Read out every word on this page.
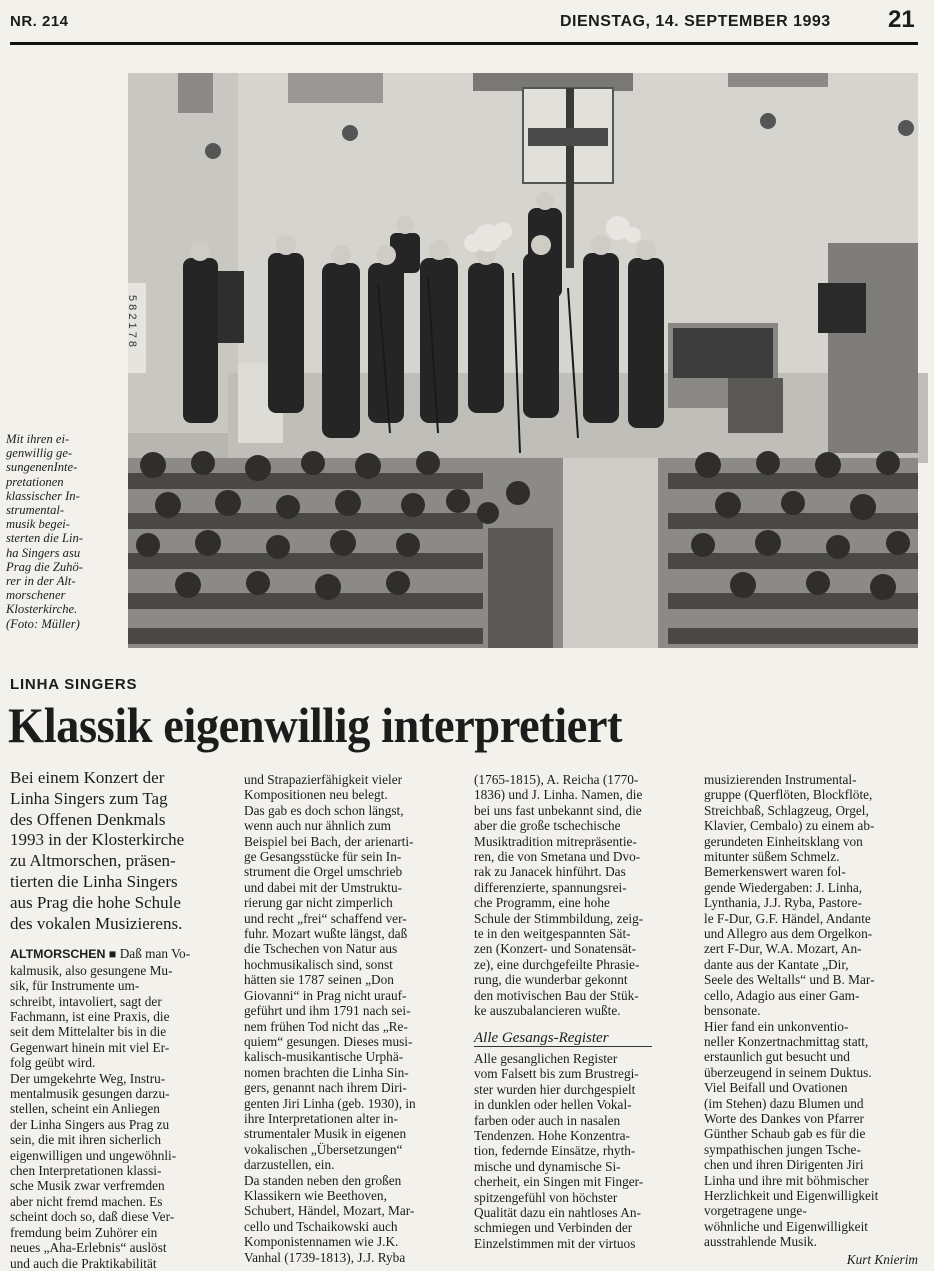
NR. 214	DIENSTAG, 14. SEPTEMBER 1993 21
5 8 2 1 7 8
Mit ihren ei-
genwillig ge-
sungenenInte-
pretationen
klassischer In-
strumental-
musik begei-
sterten die Lin-
ha Singers asu
Prag die Zuhö-
rer in der Alt-
morschener
Klosterkirche.
(Foto: Müller)
LINHA SINGERS
Klassik eigenwillig interpretiert
Bei einem Konzert der
Linha Singers zum Tag
des Offenen Denkmals
1993 in der Klosterkirche
zu Altmorschen, präsen-
tierten die Linha Singers
aus Prag die hohe Schule
des vokalen Musizierens.
ALTMORSCHEN ■ Daß man Vo-
kalmusik, also gesungene Mu-
sik, für Instrumente um-
schreibt, intavoliert, sagt der
Fachmann, ist eine Praxis, die
seit dem Mittelalter bis in die
Gegenwart hinein mit viel Er-
folg geübt wird.
Der umgekehrte Weg, Instru-
mentalmusik gesungen darzu-
stellen, scheint ein Anliegen
der Linha Singers aus Prag zu
sein, die mit ihren sicherlich
eigenwilligen und ungewöhnli-
chen Interpretationen klassi-
sche Musik zwar verfremden
aber nicht fremd machen. Es
scheint doch so, daß diese Ver-
fremdung beim Zuhörer ein
neues „Aha-Erlebnis“ auslöst
und auch die Praktikabilität
und Strapazierfähigkeit vieler
Kompositionen neu belegt.
Das gab es doch schon längst,
wenn auch nur ähnlich zum
Beispiel bei Bach, der arienarti-
ge Gesangsstücke für sein In-
strument die Orgel umschrieb
und dabei mit der Umstruktu-
rierung gar nicht zimperlich
und recht „frei“ schaffend ver-
fuhr. Mozart wußte längst, daß
die Tschechen von Natur aus
hochmusikalisch sind, sonst
hätten sie 1787 seinen „Don
Giovanni“ in Prag nicht urauf-
geführt und ihm 1791 nach sei-
nem frühen Tod nicht das „Re-
quiem“ gesungen. Dieses musi-
kalisch-musikantische Urphä-
nomen brachten die Linha Sin-
gers, genannt nach ihrem Diri-
genten Jiri Linha (geb. 1930), in
ihre Interpretationen alter in-
strumentaler Musik in eigenen
vokalischen „Übersetzungen“
darzustellen, ein.
Da standen neben den großen
Klassikern wie Beethoven,
Schubert, Händel, Mozart, Mar-
cello und Tschaikowski auch
Komponistennamen wie J.K.
Vanhal (1739-1813), J.J. Ryba
(1765-1815), A. Reicha (1770-
1836) und J. Linha. Namen, die
bei uns fast unbekannt sind, die
aber die große tschechische
Musiktradition mitrepräsentie-
ren, die von Smetana und Dvo-
rak zu Janacek hinführt. Das
differenzierte, spannungsrei-
che Programm, eine hohe
Schule der Stimmbildung, zeig-
te in den weitgespannten Sät-
zen (Konzert- und Sonatensät-
ze), eine durchgefeilte Phrasie-
rung, die wunderbar gekonnt
den motivischen Bau der Stük-
ke auszubalancieren wußte.
Alle Gesangs-Register
Alle gesanglichen Register
vom Falsett bis zum Brustregi-
ster wurden hier durchgespielt
in dunklen oder hellen Vokal-
farben oder auch in nasalen
Tendenzen. Hohe Konzentra-
tion, federnde Einsätze, rhyth-
mische und dynamische Si-
cherheit, ein Singen mit Finger-
spitzengefühl von höchster
Qualität dazu ein nahtloses An-
schmiegen und Verbinden der
Einzelstimmen mit der virtuos
musizierenden Instrumental-
gruppe (Querflöten, Blockflöte,
Streichbaß, Schlagzeug, Orgel,
Klavier, Cembalo) zu einem ab-
gerundeten Einheitsklang von
mitunter süßem Schmelz.
Bemerkenswert waren fol-
gende Wiedergaben: J. Linha,
Lynthania, J.J. Ryba, Pastore-
le F-Dur, G.F. Händel, Andante
und Allegro aus dem Orgelkon-
zert F-Dur, W.A. Mozart, An-
dante aus der Kantate „Dir,
Seele des Weltalls“ und B. Mar-
cello, Adagio aus einer Gam-
bensonate.
Hier fand ein unkonventio-
neller Konzertnachmittag statt,
erstaunlich gut besucht und
überzeugend in seinem Duktus.
Viel Beifall und Ovationen
(im Stehen) dazu Blumen und
Worte des Dankes von Pfarrer
Günther Schaub gab es für die
sympathischen jungen Tsche-
chen und ihren Dirigenten Jiri
Linha und ihre mit böhmischer
Herzlichkeit und Eigenwilligkeit
vorgetragene unge-
wöhnliche und Eigenwilligkeit
ausstrahlende Musik.
Kurt Knierim
